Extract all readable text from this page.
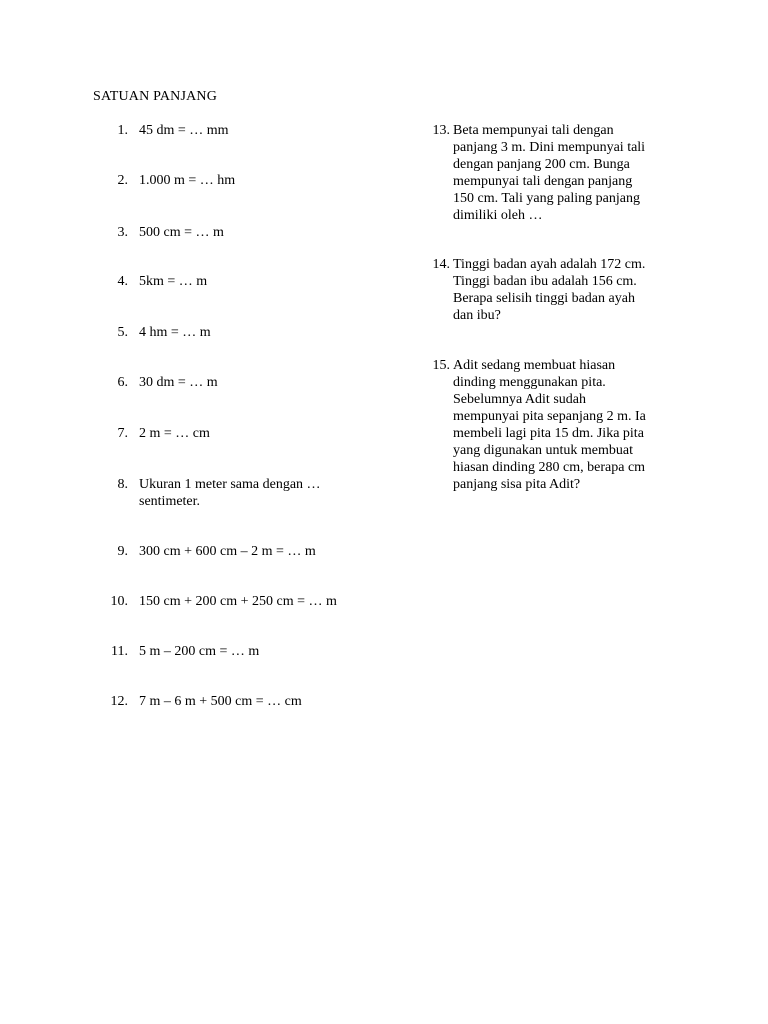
SATUAN PANJANG
1. 45 dm = … mm
2. 1.000 m = … hm
3. 500 cm = … m
4. 5km = … m
5. 4 hm = … m
6. 30 dm = … m
7. 2 m = … cm
8. Ukuran 1 meter sama dengan …
sentimeter.
9. 300 cm + 600 cm – 2 m = … m
10. 150 cm + 200 cm + 250 cm = … m
11. 5 m – 200 cm = … m
12. 7 m – 6 m + 500 cm = … cm
13. Beta mempunyai tali dengan
panjang 3 m. Dini mempunyai tali
dengan panjang 200 cm. Bunga
mempunyai tali dengan panjang
150 cm. Tali yang paling panjang
dimiliki oleh …
14. Tinggi badan ayah adalah 172 cm.
Tinggi badan ibu adalah 156 cm.
Berapa selisih tinggi badan ayah
dan ibu?
15. Adit sedang membuat hiasan
dinding menggunakan pita.
Sebelumnya Adit sudah
mempunyai pita sepanjang 2 m. Ia
membeli lagi pita 15 dm. Jika pita
yang digunakan untuk membuat
hiasan dinding 280 cm, berapa cm
panjang sisa pita Adit?
